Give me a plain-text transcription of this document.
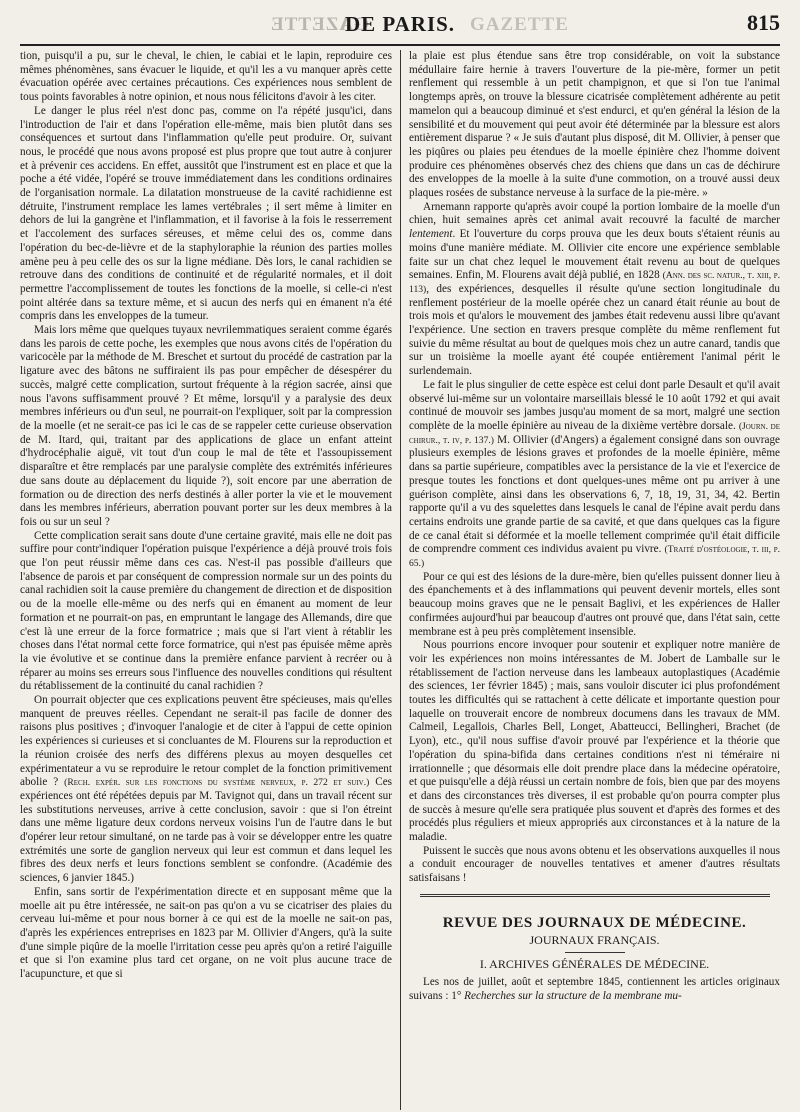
GAZETTE	GAZETTE
DE PARIS.	815

tion, puisqu'il a pu, sur le cheval, le chien, le cabiai et le lapin, reproduire ces mêmes phénomènes, sans évacuer le liquide, et qu'il les a vu manquer après cette évacuation opérée avec certaines précautions. Ces expériences nous semblent de tous points favorables à notre opinion, et nous nous félicitons d'avoir à les citer.

Le danger le plus réel n'est donc pas, comme on l'a répété jusqu'ici, dans l'introduction de l'air et dans l'opération elle-même, mais bien plutôt dans ses conséquences et surtout dans l'inflammation qu'elle peut produire. Or, suivant nous, le procédé que nous avons proposé est plus propre que tout autre à conjurer et à prévenir ces accidens. En effet, aussitôt que l'instrument est en place et que la poche a été vidée, l'opéré se trouve immédiatement dans les conditions ordinaires de l'organisation normale. La dilatation monstrueuse de la cavité rachidienne est détruite, l'instrument remplace les lames vertébrales ; il sert même à limiter en dehors de lui la gangrène et l'inflammation, et il favorise à la fois le resserrement et l'accolement des surfaces séreuses, et même celui des os, comme dans l'opération du bec-de-lièvre et de la staphyloraphie la réunion des parties molles amène peu à peu celle des os sur la ligne médiane. Dès lors, le canal rachidien se retrouve dans des conditions de continuité et de régularité normales, et il doit permettre l'accomplissement de toutes les fonctions de la moelle, si celle-ci n'est point altérée dans sa texture même, et si aucun des nerfs qui en émanent n'a été compris dans les enveloppes de la tumeur.

Mais lors même que quelques tuyaux nevrilemmatiques seraient comme égarés dans les parois de cette poche, les exemples que nous avons cités de l'opération du varicocèle par la méthode de M. Breschet et surtout du procédé de castration par la ligature avec des bâtons ne suffiraient ils pas pour empêcher de désespérer du succès, malgré cette complication, surtout fréquente à la région sacrée, ainsi que nous l'avons suffisamment prouvé ? Et même, lorsqu'il y a paralysie des deux membres inférieurs ou d'un seul, ne pourrait-on l'expliquer, soit par la compression de la moelle (et ne serait-ce pas ici le cas de se rappeler cette curieuse observation de M. Itard, qui, traitant par des applications de glace un enfant atteint d'hydrocéphalie aiguë, vit tout d'un coup le mal de tête et l'assoupissement disparaître et être remplacés par une paralysie complète des extrémités inférieures due sans doute au déplacement du liquide ?), soit encore par une aberration de formation ou de direction des nerfs destinés à aller porter la vie et le mouvement dans les membres inférieurs, aberration pouvant porter sur les deux membres à la fois ou sur un seul ?

Cette complication serait sans doute d'une certaine gravité, mais elle ne doit pas suffire pour contr'indiquer l'opération puisque l'expérience a déjà prouvé trois fois que l'on peut réussir même dans ces cas. N'est-il pas possible d'ailleurs que l'absence de parois et par conséquent de compression normale sur un des points du canal rachidien soit la cause première du changement de direction et de disposition ou de la moelle elle-même ou des nerfs qui en émanent au moment de leur formation et ne pourrait-on pas, en empruntant le langage des Allemands, dire que c'est là une erreur de la force formatrice ; mais que si l'art vient à rétablir les choses dans l'état normal cette force formatrice, qui n'est pas épuisée même après la vie évolutive et se continue dans la première enfance parvient à recréer ou à réparer au moins ses erreurs sous l'influence des nouvelles conditions qui résultent du rétablissement de la continuité du canal rachidien ?

On pourrait objecter que ces explications peuvent être spécieuses, mais qu'elles manquent de preuves réelles. Cependant ne serait-il pas facile de donner des raisons plus positives ; d'invoquer l'analogie et de citer à l'appui de cette opinion les expériences si curieuses et si concluantes de M. Flourens sur la reproduction et la réunion croisée des nerfs des différens plexus au moyen desquelles cet expérimentateur a vu se reproduire le retour complet de la fonction primitivement abolie ? (Rech. expér. sur les fonctions du système nerveux, p. 272 et suiv.) Ces expériences ont été répétées depuis par M. Tavignot qui, dans un travail récent sur les substitutions nerveuses, arrive à cette conclusion, savoir : que si l'on étreint dans une même ligature deux cordons nerveux voisins l'un de l'autre dans le but d'opérer leur retour simultané, on ne tarde pas à voir se développer entre les quatre extrémités une sorte de ganglion nerveux qui leur est commun et dans lequel les fibres des deux nerfs et leurs fonctions semblent se confondre. (Académie des sciences, 6 janvier 1845.)

Enfin, sans sortir de l'expérimentation directe et en supposant même que la moelle ait pu être intéressée, ne sait-on pas qu'on a vu se cicatriser des plaies du cerveau lui-même et pour nous borner à ce qui est de la moelle ne sait-on pas, d'après les expériences entreprises en 1823 par M. Ollivier d'Angers, qu'à la suite d'une simple piqûre de la moelle l'irritation cesse peu après qu'on a retiré l'aiguille et que si l'on examine plus tard cet organe, on ne voit plus aucune trace de l'acupuncture, et que si

la plaie est plus étendue sans être trop considérable, on voit la substance médullaire faire hernie à travers l'ouverture de la pie-mère, former un petit renflement qui ressemble à un petit champignon, et que si l'on tue l'animal longtemps après, on trouve la blessure cicatrisée complètement adhérente au petit mamelon qui a beaucoup diminué et s'est endurci, et qu'en général la lésion de la sensibilité et du mouvement qui peut avoir été déterminée par la blessure est alors entièrement disparue ? « Je suis d'autant plus disposé, dit M. Ollivier, à penser que les piqûres ou plaies peu étendues de la moelle épinière chez l'homme doivent produire ces phénomènes observés chez des chiens que dans un cas de déchirure des enveloppes de la moelle à la suite d'une commotion, on a trouvé aussi deux plaques rosées de substance nerveuse à la surface de la pie-mère. »

Arnemann rapporte qu'après avoir coupé la portion lombaire de la moelle d'un chien, huit semaines après cet animal avait recouvré la faculté de marcher lentement. Et l'ouverture du corps prouva que les deux bouts s'étaient réunis au moins d'une manière médiate. M. Ollivier cite encore une expérience semblable faite sur un chat chez lequel le mouvement était revenu au bout de quelques semaines. Enfin, M. Flourens avait déjà publié, en 1828 (Ann. des sc. natur., t. xiii, p. 113), des expériences, desquelles il résulte qu'une section longitudinale du renflement postérieur de la moelle opérée chez un canard était réunie au bout de trois mois et qu'alors le mouvement des jambes était redevenu aussi libre qu'avant l'expérience. Une section en travers presque complète du même renflement fut suivie du même résultat au bout de quelques mois chez un autre canard, tandis que sur un troisième la moelle ayant été coupée entièrement l'animal périt le surlendemain.

Le fait le plus singulier de cette espèce est celui dont parle Desault et qu'il avait observé lui-même sur un volontaire marseillais blessé le 10 août 1792 et qui avait continué de mouvoir ses jambes jusqu'au moment de sa mort, malgré une section complète de la moelle épinière au niveau de la dixième vertèbre dorsale. (Journ. de chirur., t. iv, p. 137.) M. Ollivier (d'Angers) a également consigné dans son ouvrage plusieurs exemples de lésions graves et profondes de la moelle épinière, même dans sa partie supérieure, compatibles avec la persistance de la vie et l'exercice de presque toutes les fonctions et dont quelques-unes même ont pu arriver à une guérison complète, ainsi dans les observations 6, 7, 18, 19, 31, 34, 42. Bertin rapporte qu'il a vu des squelettes dans lesquels le canal de l'épine avait perdu dans certains endroits une grande partie de sa cavité, et que dans quelques cas la figure de ce canal était si déformée et la moelle tellement comprimée qu'il était difficile de comprendre comment ces individus avaient pu vivre. (Traité d'ostéologie, t. iii, p. 65.)

Pour ce qui est des lésions de la dure-mère, bien qu'elles puissent donner lieu à des épanchements et à des inflammations qui peuvent devenir mortels, elles sont beaucoup moins graves que ne le pensait Baglivi, et les expériences de Haller confirmées aujourd'hui par beaucoup d'autres ont prouvé que, dans l'état sain, cette membrane est à peu près complètement insensible.

Nous pourrions encore invoquer pour soutenir et expliquer notre manière de voir les expériences non moins intéressantes de M. Jobert de Lamballe sur le rétablissement de l'action nerveuse dans les lambeaux autoplastiques (Académie des sciences, 1er février 1845) ; mais, sans vouloir discuter ici plus profondément toutes les difficultés qui se rattachent à cette délicate et importante question pour laquelle on trouverait encore de nombreux documens dans les travaux de MM. Calmeil, Legallois, Charles Bell, Longet, Abatteucci, Bellingheri, Brachet (de Lyon), etc., qu'il nous suffise d'avoir prouvé par l'expérience et la théorie que l'opération du spina-bifida dans certaines conditions n'est ni téméraire ni irrationnelle ; que désormais elle doit prendre place dans la médecine opératoire, et que puisqu'elle a déjà réussi un certain nombre de fois, bien que par des moyens et dans des circonstances très diverses, il est probable qu'on pourra compter plus de succès à mesure qu'elle sera pratiquée plus souvent et d'après des formes et des procédés plus réguliers et mieux appropriés aux circonstances et à la nature de la maladie.

Puissent le succès que nous avons obtenu et les observations auxquelles il nous a conduit encourager de nouvelles tentatives et amener d'autres résultats satisfaisans !

REVUE DES JOURNAUX DE MÉDECINE.
JOURNAUX FRANÇAIS.
I. ARCHIVES GÉNÉRALES DE MÉDECINE.

Les nos de juillet, août et septembre 1845, contiennent les articles originaux suivans : 1° Recherches sur la structure de la membrane mu-
